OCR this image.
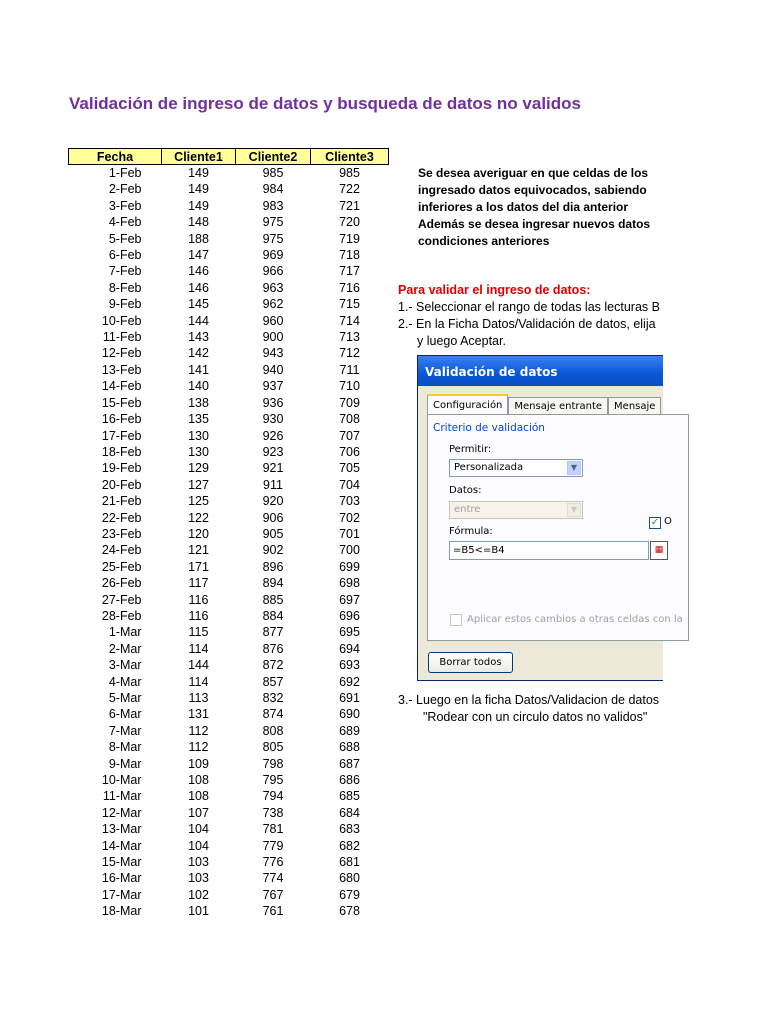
Validación de ingreso de datos y busqueda de datos no validos
Fecha	Cliente1	Cliente2	Cliente3
1-Feb	149	985	985
2-Feb	149	984	722
3-Feb	149	983	721
4-Feb	148	975	720
5-Feb	188	975	719
6-Feb	147	969	718
7-Feb	146	966	717
8-Feb	146	963	716
9-Feb	145	962	715
10-Feb	144	960	714
11-Feb	143	900	713
12-Feb	142	943	712
13-Feb	141	940	711
14-Feb	140	937	710
15-Feb	138	936	709
16-Feb	135	930	708
17-Feb	130	926	707
18-Feb	130	923	706
19-Feb	129	921	705
20-Feb	127	911	704
21-Feb	125	920	703
22-Feb	122	906	702
23-Feb	120	905	701
24-Feb	121	902	700
25-Feb	171	896	699
26-Feb	117	894	698
27-Feb	116	885	697
28-Feb	116	884	696
1-Mar	115	877	695
2-Mar	114	876	694
3-Mar	144	872	693
4-Mar	114	857	692
5-Mar	113	832	691
6-Mar	131	874	690
7-Mar	112	808	689
8-Mar	112	805	688
9-Mar	109	798	687
10-Mar	108	795	686
11-Mar	108	794	685
12-Mar	107	738	684
13-Mar	104	781	683
14-Mar	104	779	682
15-Mar	103	776	681
16-Mar	103	774	680
17-Mar	102	767	679
18-Mar	101	761	678
Se desea averiguar en que celdas de los
ingresado datos equivocados, sabiendo
inferiores a los datos del dia anterior
Además se desea ingresar nuevos datos
condiciones anteriores
Para validar el ingreso de datos:
1.- Seleccionar el rango de todas las lecturas B
2.- En la Ficha Datos/Validación de datos, elija
y luego Aceptar.
Validación de datos
Configuración Mensaje entrante Mensaje
Criterio de validación
Permitir:
Personalizada	▼
✓ O
Datos:
entre	▼
Fórmula:
=B5<=B4	▦
Aplicar estos cambios a otras celdas con la
Borrar todos
3.- Luego en la ficha Datos/Validacion de datos
"Rodear con un circulo datos no validos"
